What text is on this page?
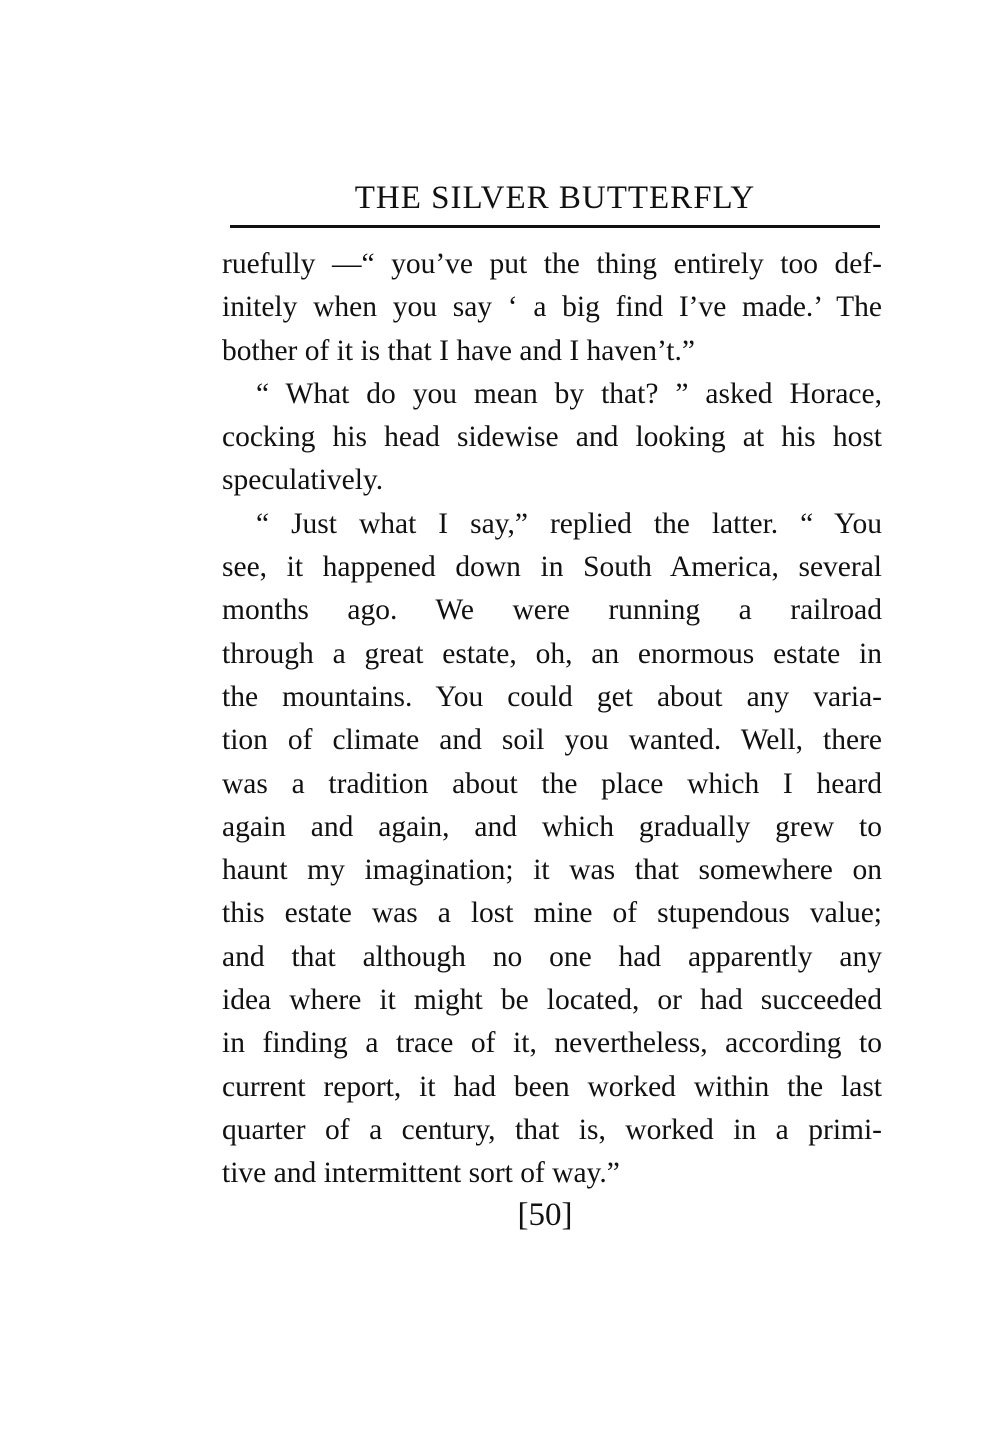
THE SILVER BUTTERFLY
ruefully —“ you’ve put the thing entirely too def-
initely when you say ‘ a big find I’ve made.’ The
bother of it is that I have and I haven’t.”
“ What do you mean by that? ” asked Horace,
cocking his head sidewise and looking at his host
speculatively.
“ Just what I say,” replied the latter. “ You
see, it happened down in South America, several
months ago. We were running a railroad
through a great estate, oh, an enormous estate in
the mountains. You could get about any varia-
tion of climate and soil you wanted. Well, there
was a tradition about the place which I heard
again and again, and which gradually grew to
haunt my imagination; it was that somewhere on
this estate was a lost mine of stupendous value;
and that although no one had apparently any
idea where it might be located, or had succeeded
in finding a trace of it, nevertheless, according to
current report, it had been worked within the last
quarter of a century, that is, worked in a primi-
tive and intermittent sort of way.”
[50]
